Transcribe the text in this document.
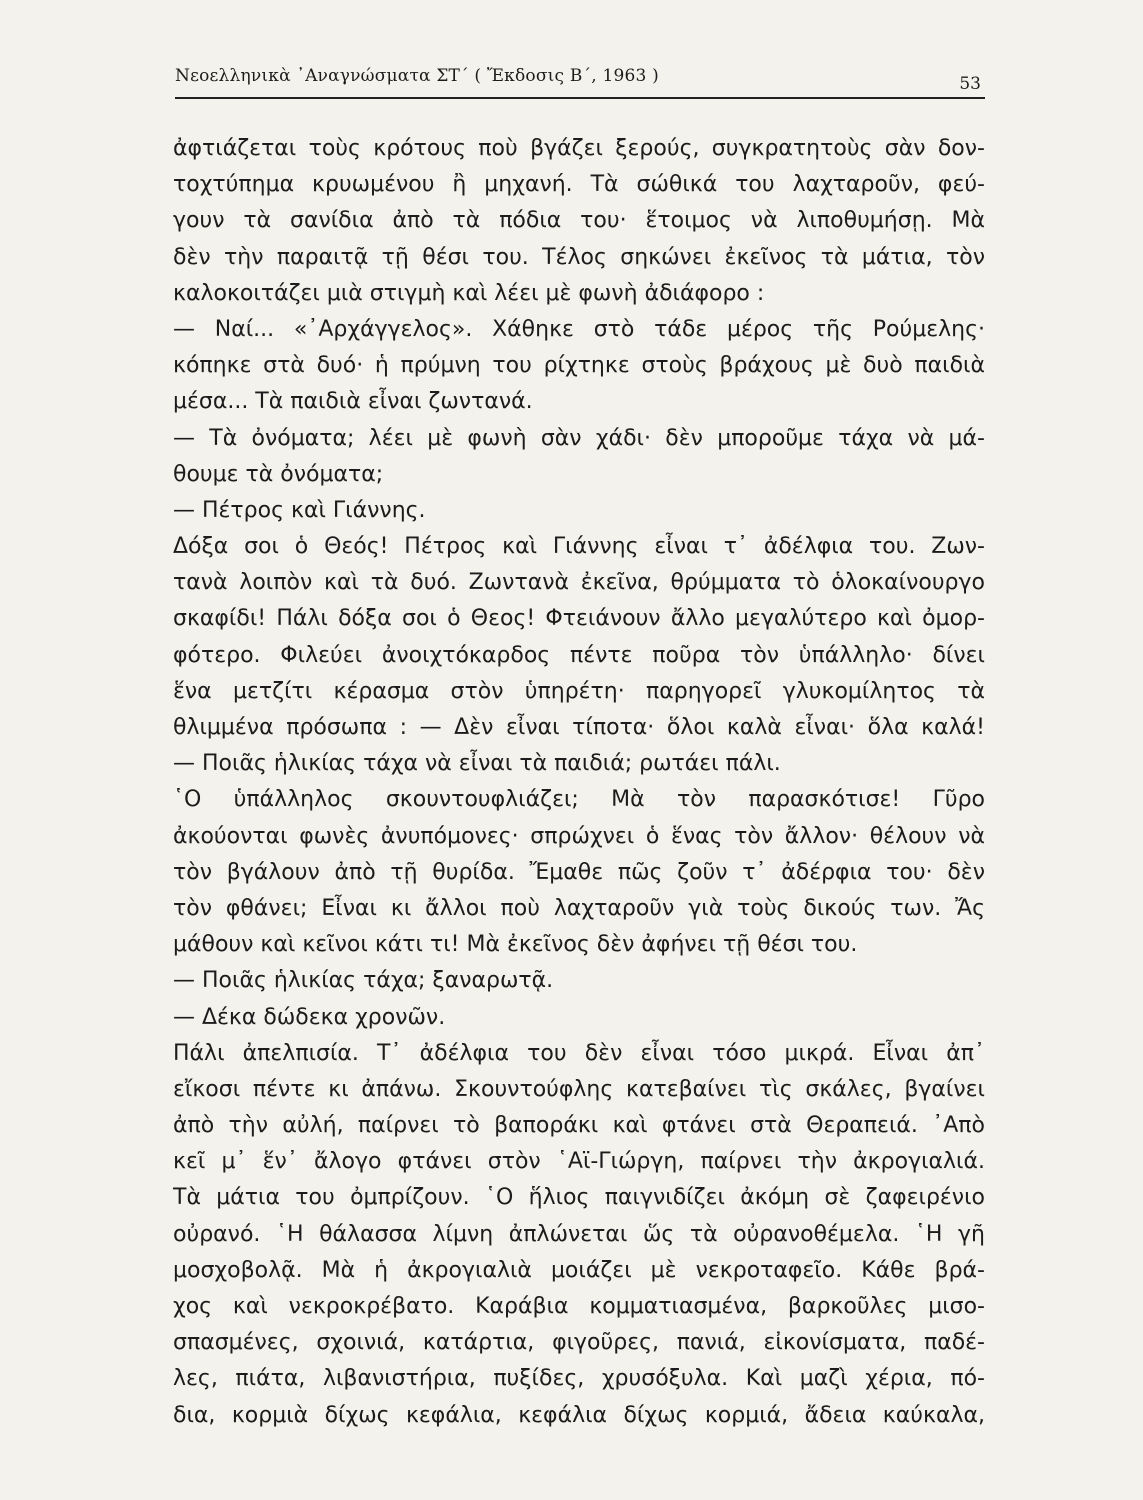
Νεοελληνικὰ ᾿Αναγνώσματα ΣΤ΄ ( Ἔκδοσις Β΄, 1963 )	53
ἀφτιάζεται τοὺς κρότους ποὺ βγάζει ξερούς, συγκρατητοὺς σὰν δον-
τοχτύπημα κρυωμένου ἢ μηχανή. Τὰ σώθικά του λαχταροῦν, φεύ-
γουν τὰ σανίδια ἀπὸ τὰ πόδια του· ἕτοιμος νὰ λιποθυμήσῃ. Μὰ
δὲν τὴν παραιτᾷ τῇ θέσι του. Τέλος σηκώνει ἐκεῖνος τὰ μάτια, τὸν
καλοκοιτάζει μιὰ στιγμὴ καὶ λέει μὲ φωνὴ ἀδιάφορο :
— Ναί... «᾿Αρχάγγελος». Χάθηκε στὸ τάδε μέρος τῆς Ρούμελης·
κόπηκε στὰ δυό· ἡ πρύμνη του ρίχτηκε στοὺς βράχους μὲ δυὸ παιδιὰ
μέσα... Τὰ παιδιὰ εἶναι ζωντανά.
— Τὰ ὀνόματα; λέει μὲ φωνὴ σὰν χάδι· δὲν μποροῦμε τάχα νὰ μά-
θουμε τὰ ὀνόματα;
— Πέτρος καὶ Γιάννης.
Δόξα σοι ὁ Θεός! Πέτρος καὶ Γιάννης εἶναι τ᾿ ἀδέλφια του. Ζων-
τανὰ λοιπὸν καὶ τὰ δυό. Ζωντανὰ ἐκεῖνα, θρύμματα τὸ ὁλοκαίνουργο
σκαφίδι! Πάλι δόξα σοι ὁ Θεος! Φτειάνουν ἄλλο μεγαλύτερο καὶ ὀμορ-
φότερο. Φιλεύει ἀνοιχτόκαρδος πέντε ποῦρα τὸν ὑπάλληλο· δίνει
ἕνα μετζίτι κέρασμα στὸν ὑπηρέτη· παρηγορεῖ γλυκομίλητος τὰ
θλιμμένα πρόσωπα : — Δὲν εἶναι τίποτα· ὅλοι καλὰ εἶναι· ὅλα καλά!
— Ποιᾶς ἡλικίας τάχα νὰ εἶναι τὰ παιδιά; ρωτάει πάλι.
῾Ο ὑπάλληλος σκουντουφλιάζει; Μὰ τὸν παρασκότισε! Γῦρο
ἀκούονται φωνὲς ἀνυπόμονες· σπρώχνει ὁ ἕνας τὸν ἄλλον· θέλουν νὰ
τὸν βγάλουν ἀπὸ τῇ θυρίδα. Ἔμαθε πῶς ζοῦν τ᾿ ἀδέρφια του· δὲν
τὸν φθάνει; Εἶναι κι ἄλλοι ποὺ λαχταροῦν γιὰ τοὺς δικούς των. Ἄς
μάθουν καὶ κεῖνοι κάτι τι! Μὰ ἐκεῖνος δὲν ἀφήνει τῇ θέσι του.
— Ποιᾶς ἡλικίας τάχα; ξαναρωτᾷ.
— Δέκα δώδεκα χρονῶν.
Πάλι ἀπελπισία. Τ᾿ ἀδέλφια του δὲν εἶναι τόσο μικρά. Εἶναι ἀπ᾿
εἴκοσι πέντε κι ἀπάνω. Σκουντούφλης κατεβαίνει τὶς σκάλες, βγαίνει
ἀπὸ τὴν αὐλή, παίρνει τὸ βαποράκι καὶ φτάνει στὰ Θεραπειά. ᾿Απὸ
κεῖ μ᾿ ἕν᾿ ἄλογο φτάνει στὸν ῾Αϊ-Γιώργη, παίρνει τὴν ἀκρογιαλιά.
Τὰ μάτια του ὀμπρίζουν. ῾Ο ἥλιος παιγνιδίζει ἀκόμη σὲ ζαφειρένιο
οὐρανό. ῾Η θάλασσα λίμνη ἀπλώνεται ὥς τὰ οὐρανοθέμελα. ῾Η γῆ
μοσχοβολᾷ. Μὰ ἡ ἀκρογιαλιὰ μοιάζει μὲ νεκροταφεῖο. Κάθε βρά-
χος καὶ νεκροκρέβατο. Καράβια κομματιασμένα, βαρκοῦλες μισο-
σπασμένες, σχοινιά, κατάρτια, φιγοῦρες, πανιά, εἰκονίσματα, παδέ-
λες, πιάτα, λιβανιστήρια, πυξίδες, χρυσόξυλα. Καὶ μαζὶ χέρια, πό-
δια, κορμιὰ δίχως κεφάλια, κεφάλια δίχως κορμιά, ἄδεια καύκαλα,
